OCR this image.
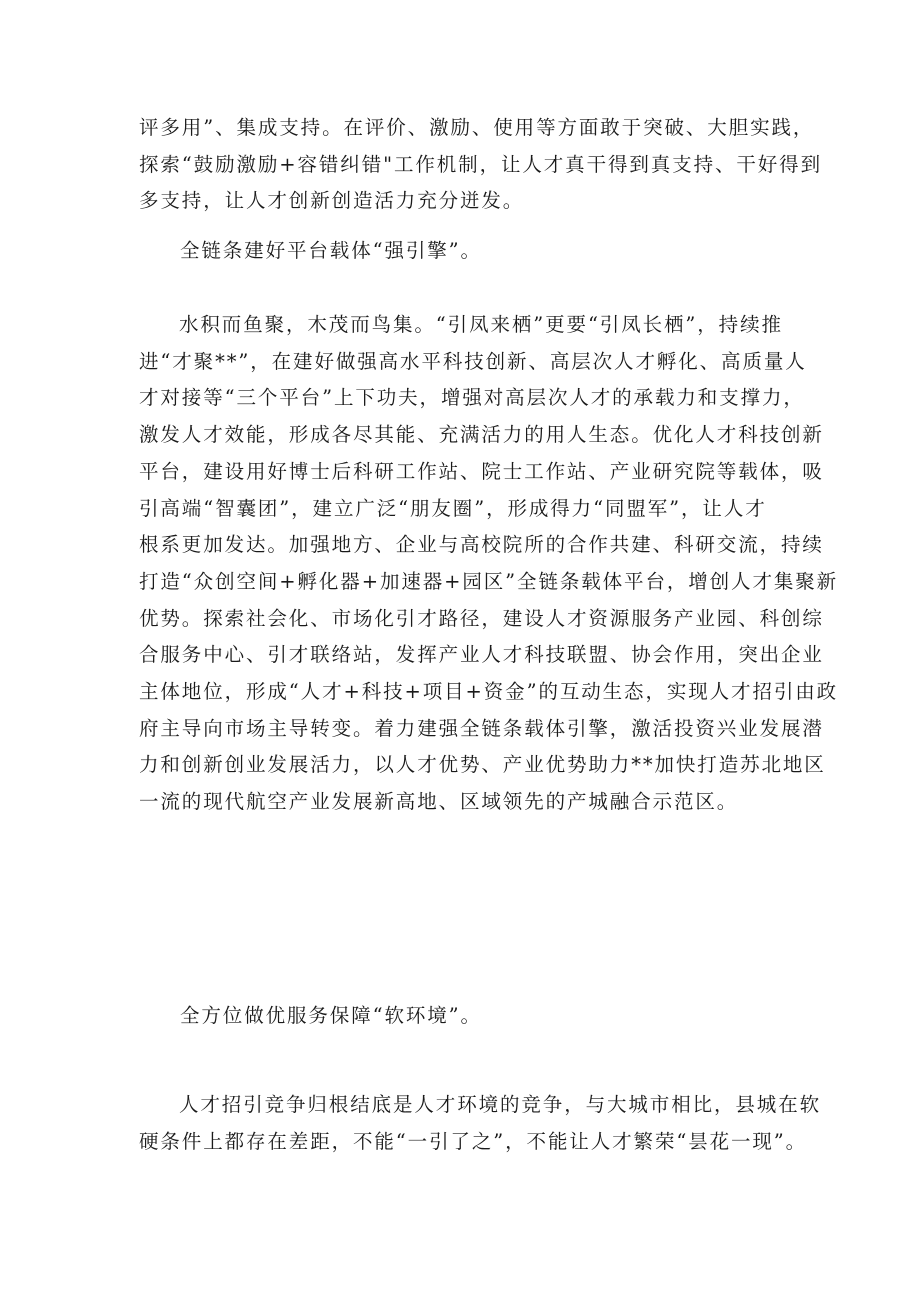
评多用”、集成支持。在评价、激励、使用等方面敢于突破、大胆实践，
探索“鼓励激励+容错纠错"工作机制，让人才真干得到真支持、干好得到
多支持，让人才创新创造活力充分迸发。

全链条建好平台载体“强引擎”。

水积而鱼聚，木茂而鸟集。“引凤来栖”更要“引凤长栖”，持续推
进“才聚**”，在建好做强高水平科技创新、高层次人才孵化、高质量人
才对接等“三个平台”上下功夫，增强对高层次人才的承载力和支撑力，
激发人才效能，形成各尽其能、充满活力的用人生态。优化人才科技创新
平台，建设用好博士后科研工作站、院士工作站、产业研究院等载体，吸
引高端“智囊团”，建立广泛“朋友圈”，形成得力“同盟军”，让人才
根系更加发达。加强地方、企业与高校院所的合作共建、科研交流，持续
打造“众创空间+孵化器+加速器+园区”全链条载体平台，增创人才集聚新
优势。探索社会化、市场化引才路径，建设人才资源服务产业园、科创综
合服务中心、引才联络站，发挥产业人才科技联盟、协会作用，突出企业
主体地位，形成“人才+科技+项目+资金”的互动生态，实现人才招引由政
府主导向市场主导转变。着力建强全链条载体引擎，激活投资兴业发展潜
力和创新创业发展活力，以人才优势、产业优势助力**加快打造苏北地区
一流的现代航空产业发展新高地、区域领先的产城融合示范区。

全方位做优服务保障“软环境”。

人才招引竞争归根结底是人才环境的竞争，与大城市相比，县城在软
硬条件上都存在差距，不能“一引了之”，不能让人才繁荣“昙花一现”。
